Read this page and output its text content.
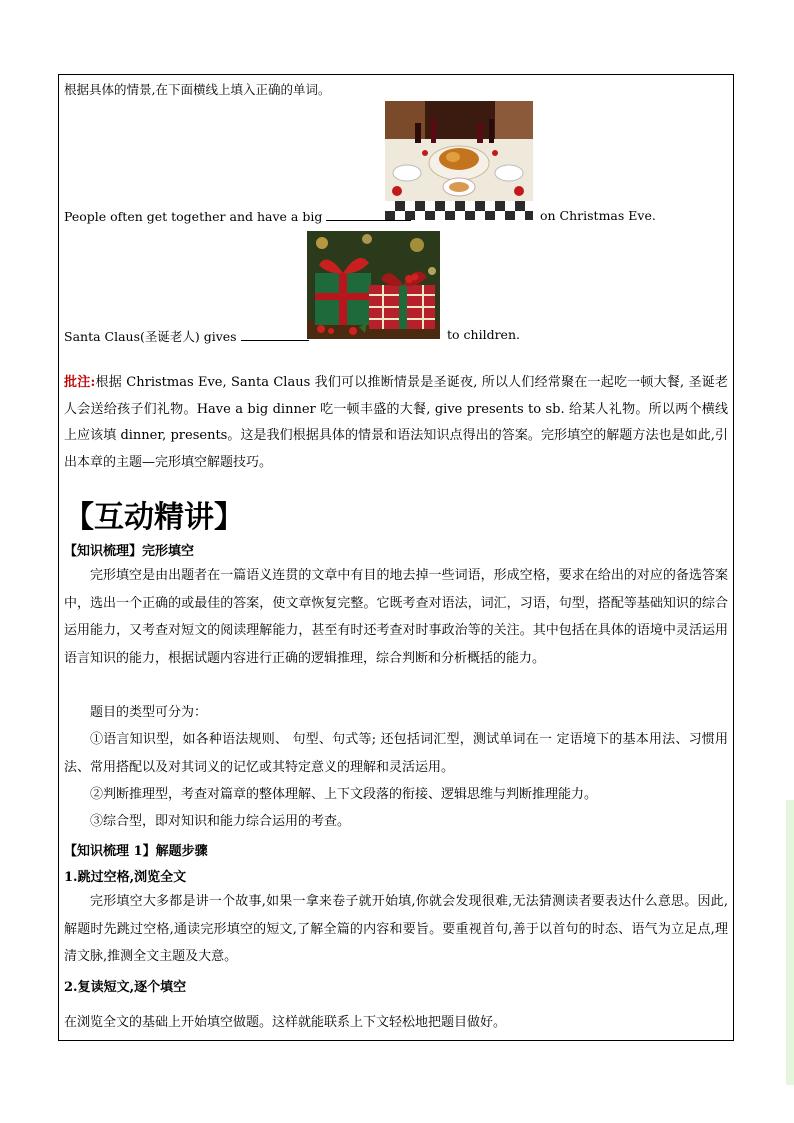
根据具体的情景,在下面横线上填入正确的单词。
People often get together and have a big	on Christmas Eve.
Santa Claus(圣诞老人) gives	to children.
批注:根据 Christmas Eve, Santa Claus 我们可以推断情景是圣诞夜, 所以人们经常聚在一起吃一顿大餐, 圣诞老人会送给孩子们礼物。Have a big dinner 吃一顿丰盛的大餐, give presents to sb. 给某人礼物。所以两个横线上应该填 dinner, presents。这是我们根据具体的情景和语法知识点得出的答案。完形填空的解题方法也是如此,引出本章的主题—完形填空解题技巧。
【互动精讲】
【知识梳理】完形填空
完形填空是由出题者在一篇语义连贯的文章中有目的地去掉一些词语，形成空格，要求在给出的对应的备选答案中，选出一个正确的或最佳的答案，使文章恢复完整。它既考查对语法，词汇，习语，句型，搭配等基础知识的综合运用能力，又考查对短文的阅读理解能力，甚至有时还考查对时事政治等的关注。其中包括在具体的语境中灵活运用语言知识的能力，根据试题内容进行正确的逻辑推理，综合判断和分析概括的能力。
题目的类型可分为：
①语言知识型，如各种语法规则、 句型、句式等; 还包括词汇型，测试单词在一 定语境下的基本用法、习惯用法、常用搭配以及对其词义的记忆或其特定意义的理解和灵活运用。
②判断推理型，考查对篇章的整体理解、上下文段落的衔接、逻辑思维与判断推理能力。
③综合型，即对知识和能力综合运用的考查。
【知识梳理 1】解题步骤
1.跳过空格,浏览全文
完形填空大多都是讲一个故事,如果一拿来卷子就开始填,你就会发现很难,无法猜测读者要表达什么意思。因此,解题时先跳过空格,通读完形填空的短文,了解全篇的内容和要旨。要重视首句,善于以首句的时态、语气为立足点,理清文脉,推测全文主题及大意。
2.复读短文,逐个填空
在浏览全文的基础上开始填空做题。这样就能联系上下文轻松地把题目做好。
